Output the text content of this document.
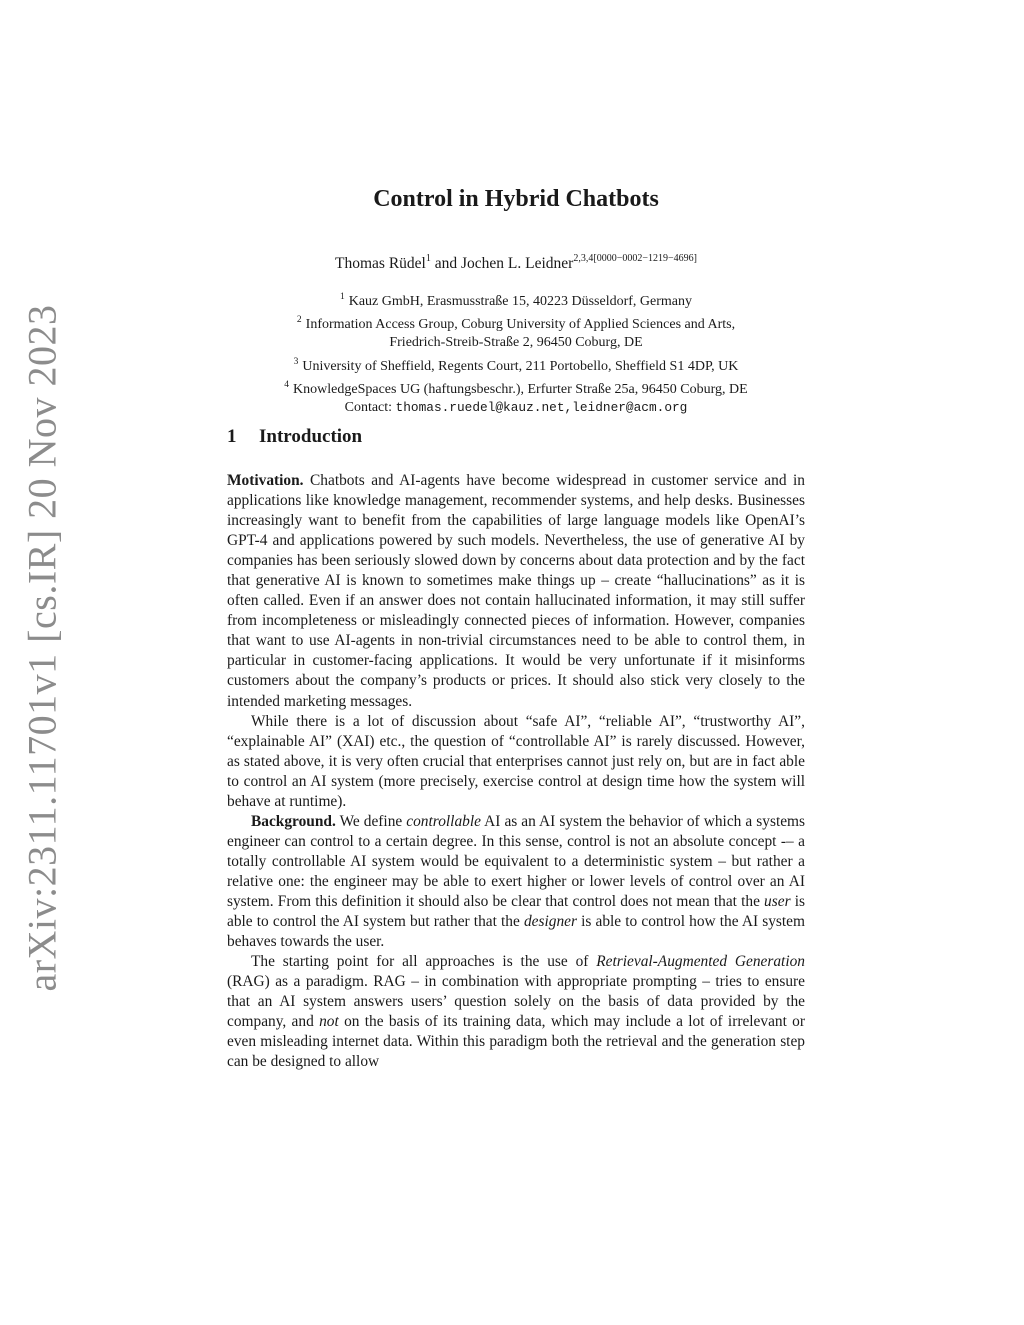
arXiv:2311.11701v1 [cs.IR] 20 Nov 2023
Control in Hybrid Chatbots
Thomas Rüdel$^1$ and Jochen L. Leidner$^{2,3,4[0000-0002-1219-4696]}$
$^1$ Kauz GmbH, Erasmusstraße 15, 40223 Düsseldorf, Germany
$^2$ Information Access Group, Coburg University of Applied Sciences and Arts,
Friedrich-Streib-Straße 2, 96450 Coburg, DE
$^3$ University of Sheffield, Regents Court, 211 Portobello, Sheffield S1 4DP, UK
$^4$ KnowledgeSpaces UG (haftungsbeschr.), Erfurter Straße 25a, 96450 Coburg, DE
Contact: thomas.ruedel@kauz.net,leidner@acm.org
1 Introduction

Motivation. Chatbots and AI-agents have become widespread in customer service and in applications like knowledge management, recommender systems, and help desks. Businesses increasingly want to benefit from the capabilities of large language models like OpenAI’s GPT-4 and applications powered by such models. Nevertheless, the use of generative AI by companies has been seriously slowed down by concerns about data protection and by the fact that generative AI is known to sometimes make things up – create “hallucinations” as it is often called. Even if an answer does not contain hallucinated information, it may still suffer from incompleteness or misleadingly connected pieces of information. However, companies that want to use AI-agents in non-trivial circumstances need to be able to control them, in particular in customer-facing applications. It would be very unfortunate if it misinforms customers about the company’s products or prices. It should also stick very closely to the intended marketing messages.

While there is a lot of discussion about “safe AI”, “reliable AI”, “trustworthy AI”, “explainable AI” (XAI) etc., the question of “controllable AI” is rarely discussed. However, as stated above, it is very often crucial that enterprises cannot just rely on, but are in fact able to control an AI system (more precisely, exercise control at design time how the system will behave at runtime).

Background. We define controllable AI as an AI system the behavior of which a systems engineer can control to a certain degree. In this sense, control is not an absolute concept -– a totally controllable AI system would be equivalent to a deterministic system – but rather a relative one: the engineer may be able to exert higher or lower levels of control over an AI system. From this definition it should also be clear that control does not mean that the user is able to control the AI system but rather that the designer is able to control how the AI system behaves towards the user.

The starting point for all approaches is the use of Retrieval-Augmented Generation (RAG) as a paradigm. RAG – in combination with appropriate prompting – tries to ensure that an AI system answers users’ question solely on the basis of data provided by the company, and not on the basis of its training data, which may include a lot of irrelevant or even misleading internet data. Within this paradigm both the retrieval and the generation step can be designed to allow
